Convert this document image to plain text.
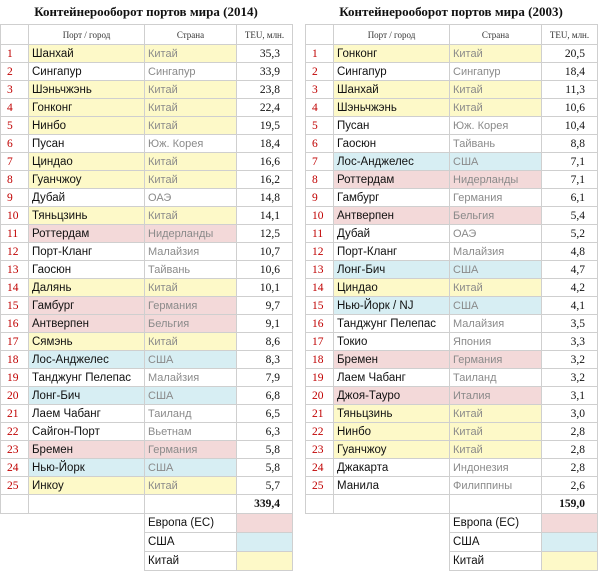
Контейнерооборот портов мира (2014)
	Порт / город	Страна	TEU, млн.
1	Шанхай	Китай	35,3
2	Сингапур	Сингапур	33,9
3	Шэньчжэнь	Китай	23,8
4	Гонконг	Китай	22,4
5	Нинбо	Китай	19,5
6	Пусан	Юж. Корея	18,4
7	Циндао	Китай	16,6
8	Гуанчжоу	Китай	16,2
9	Дубай	ОАЭ	14,8
10	Тяньцзинь	Китай	14,1
11	Роттердам	Нидерланды	12,5
12	Порт-Кланг	Малайзия	10,7
13	Гаосюн	Тайвань	10,6
14	Далянь	Китай	10,1
15	Гамбург	Германия	9,7
16	Антверпен	Бельгия	9,1
17	Сямэнь	Китай	8,6
18	Лос-Анджелес	США	8,3
19	Танджунг Пелепас	Малайзия	7,9
20	Лонг-Бич	США	6,8
21	Лаем Чабанг	Таиланд	6,5
22	Сайгон-Порт	Вьетнам	6,3
23	Бремен	Германия	5,8
24	Нью-Йорк	США	5,8
25	Инкоу	Китай	5,7
			339,4
		Европа (ЕС)	
		США	
		Китай	
Контейнерооборот портов мира (2003)
	Порт / город	Страна	TEU, млн.
1	Гонконг	Китай	20,5
2	Сингапур	Сингапур	18,4
3	Шанхай	Китай	11,3
4	Шэньчжэнь	Китай	10,6
5	Пусан	Юж. Корея	10,4
6	Гаосюн	Тайвань	8,8
7	Лос-Анджелес	США	7,1
8	Роттердам	Нидерланды	7,1
9	Гамбург	Германия	6,1
10	Антверпен	Бельгия	5,4
11	Дубай	ОАЭ	5,2
12	Порт-Кланг	Малайзия	4,8
13	Лонг-Бич	США	4,7
14	Циндао	Китай	4,2
15	Нью-Йорк / NJ	США	4,1
16	Танджунг Пелепас	Малайзия	3,5
17	Токио	Япония	3,3
18	Бремен	Германия	3,2
19	Лаем Чабанг	Таиланд	3,2
20	Джоя-Тауро	Италия	3,1
21	Тяньцзинь	Китай	3,0
22	Нинбо	Китай	2,8
23	Гуанчжоу	Китай	2,8
24	Джакарта	Индонезия	2,8
25	Манила	Филиппины	2,6
			159,0
		Европа (ЕС)	
		США	
		Китай	
